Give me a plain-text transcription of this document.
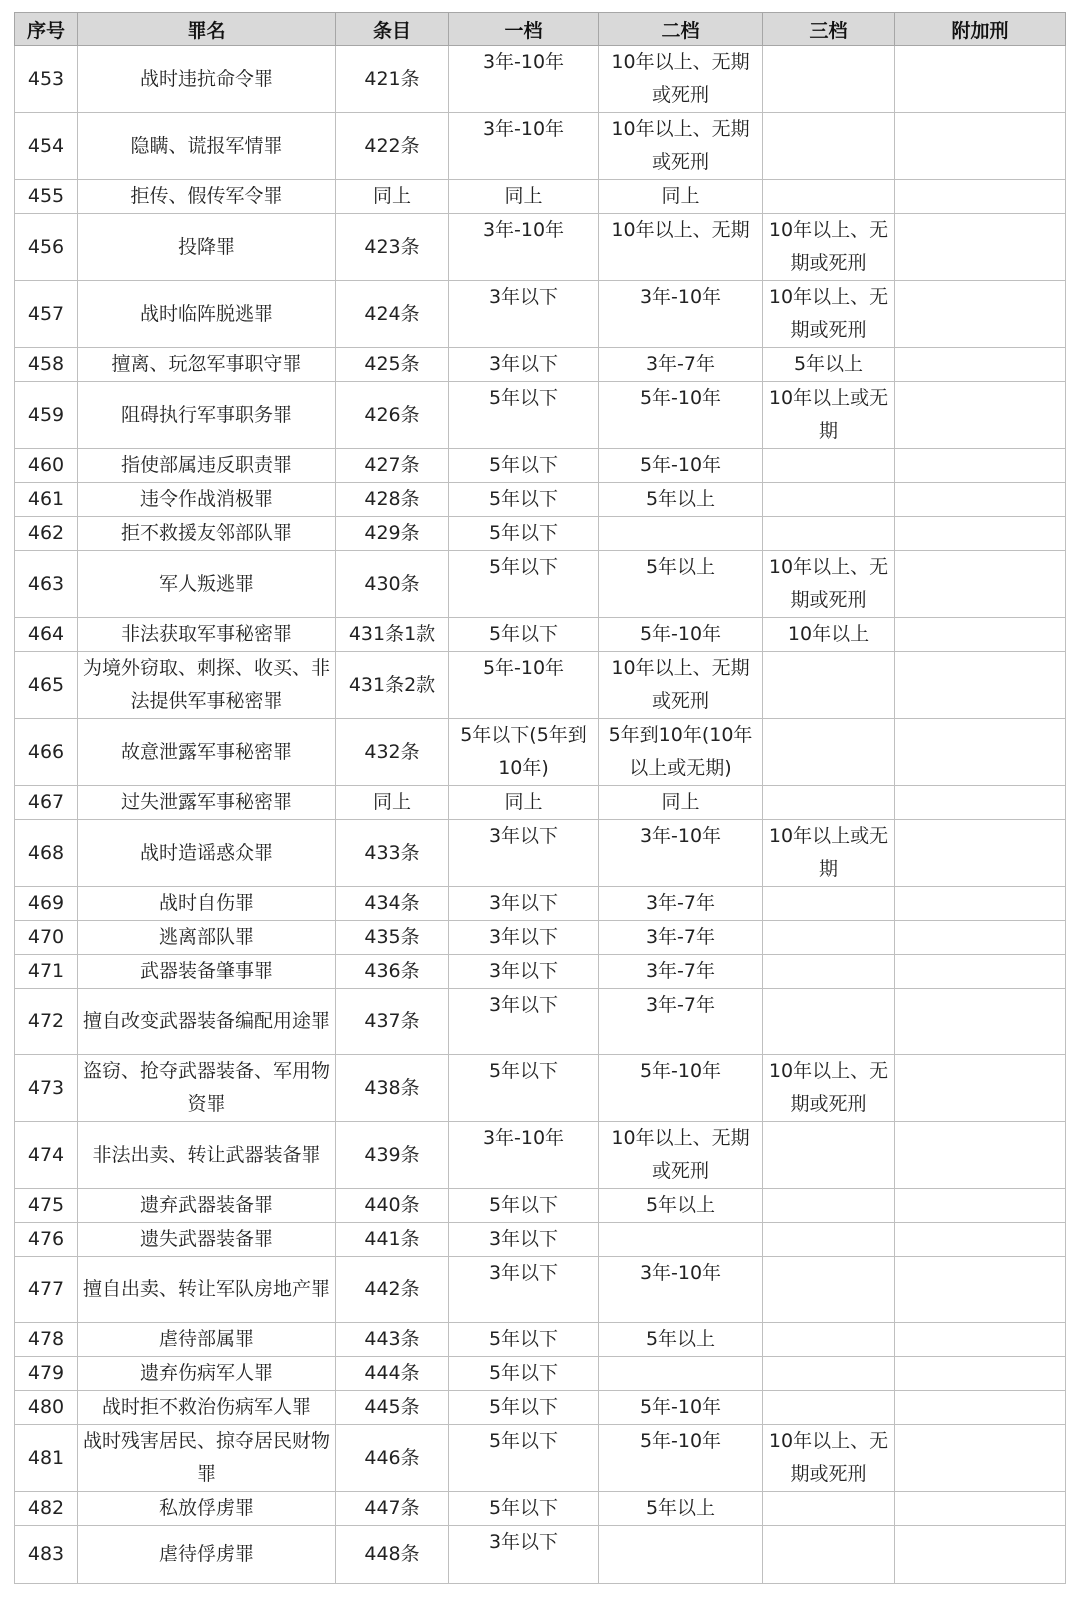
序号	罪名	条目	一档	二档	三档	附加刑
453	战时违抗命令罪	421条	3年-10年	10年以上、无期或死刑		
454	隐瞒、谎报军情罪	422条	3年-10年	10年以上、无期或死刑		
455	拒传、假传军令罪	同上	同上	同上		
456	投降罪	423条	3年-10年	10年以上、无期	10年以上、无期或死刑	
457	战时临阵脱逃罪	424条	3年以下	3年-10年	10年以上、无期或死刑	
458	擅离、玩忽军事职守罪	425条	3年以下	3年-7年	5年以上	
459	阻碍执行军事职务罪	426条	5年以下	5年-10年	10年以上或无期	
460	指使部属违反职责罪	427条	5年以下	5年-10年		
461	违令作战消极罪	428条	5年以下	5年以上		
462	拒不救援友邻部队罪	429条	5年以下			
463	军人叛逃罪	430条	5年以下	5年以上	10年以上、无期或死刑	
464	非法获取军事秘密罪	431条1款	5年以下	5年-10年	10年以上	
465	为境外窃取、刺探、收买、非法提供军事秘密罪	431条2款	5年-10年	10年以上、无期或死刑		
466	故意泄露军事秘密罪	432条	5年以下(5年到10年)	5年到10年(10年以上或无期)		
467	过失泄露军事秘密罪	同上	同上	同上		
468	战时造谣惑众罪	433条	3年以下	3年-10年	10年以上或无期	
469	战时自伤罪	434条	3年以下	3年-7年		
470	逃离部队罪	435条	3年以下	3年-7年		
471	武器装备肇事罪	436条	3年以下	3年-7年		
472	擅自改变武器装备编配用途罪	437条	3年以下	3年-7年		
473	盗窃、抢夺武器装备、军用物资罪	438条	5年以下	5年-10年	10年以上、无期或死刑	
474	非法出卖、转让武器装备罪	439条	3年-10年	10年以上、无期或死刑		
475	遗弃武器装备罪	440条	5年以下	5年以上		
476	遗失武器装备罪	441条	3年以下			
477	擅自出卖、转让军队房地产罪	442条	3年以下	3年-10年		
478	虐待部属罪	443条	5年以下	5年以上		
479	遗弃伤病军人罪	444条	5年以下			
480	战时拒不救治伤病军人罪	445条	5年以下	5年-10年		
481	战时残害居民、掠夺居民财物罪	446条	5年以下	5年-10年	10年以上、无期或死刑	
482	私放俘虏罪	447条	5年以下	5年以上		
483	虐待俘虏罪	448条	3年以下			
